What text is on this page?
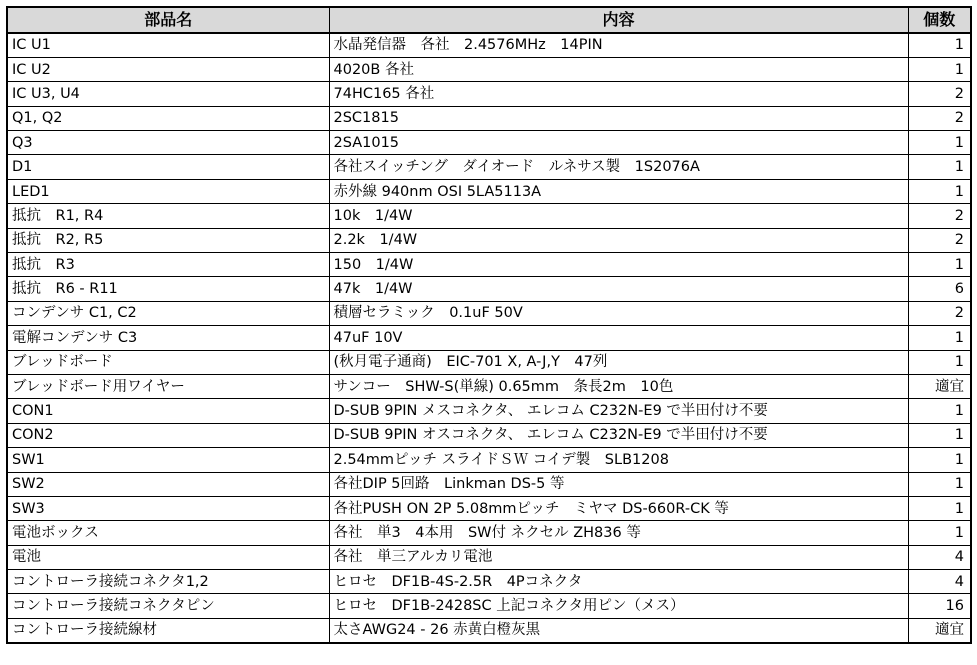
部品名	内容	個数
IC U1	水晶発信器　各社　2.4576MHz　14PIN	1
IC U2	4020B 各社	1
IC U3, U4	74HC165 各社	2
Q1, Q2	2SC1815	2
Q3	2SA1015	1
D1	各社スイッチング　ダイオード　ルネサス製　1S2076A	1
LED1	赤外線 940nm OSI 5LA5113A	1
抵抗　R1, R4	10k　1/4W	2
抵抗　R2, R5	2.2k　1/4W	2
抵抗　R3	150　1/4W	1
抵抗　R6 - R11	47k　1/4W	6
コンデンサ C1, C2	積層セラミック　0.1uF 50V	2
電解コンデンサ C3	47uF 10V	1
ブレッドボード	(秋月電子通商)　EIC-701 X, A-J,Y　47列	1
ブレッドボード用ワイヤー	サンコー　SHW-S(単線) 0.65mm　条長2m　10色	適宜
CON1	D-SUB 9PIN メスコネクタ、 エレコム C232N-E9 で半田付け不要	1
CON2	D-SUB 9PIN オスコネクタ、 エレコム C232N-E9 で半田付け不要	1
SW1	2.54mmピッチ スライドＳＷ コイデ製　SLB1208	1
SW2	各社DIP 5回路　Linkman DS-5 等	1
SW3	各社PUSH ON 2P 5.08mmピッチ　ミヤマ DS-660R-CK 等	1
電池ボックス	各社　単3　4本用　SW付 ネクセル ZH836 等	1
電池	各社　単三アルカリ電池	4
コントローラ接続コネクタ1,2	ヒロセ　DF1B-4S-2.5R　4Pコネクタ	4
コントローラ接続コネクタピン	ヒロセ　DF1B-2428SC 上記コネクタ用ピン（メス）	16
コントローラ接続線材	太さAWG24 - 26 赤黄白橙灰黒	適宜
